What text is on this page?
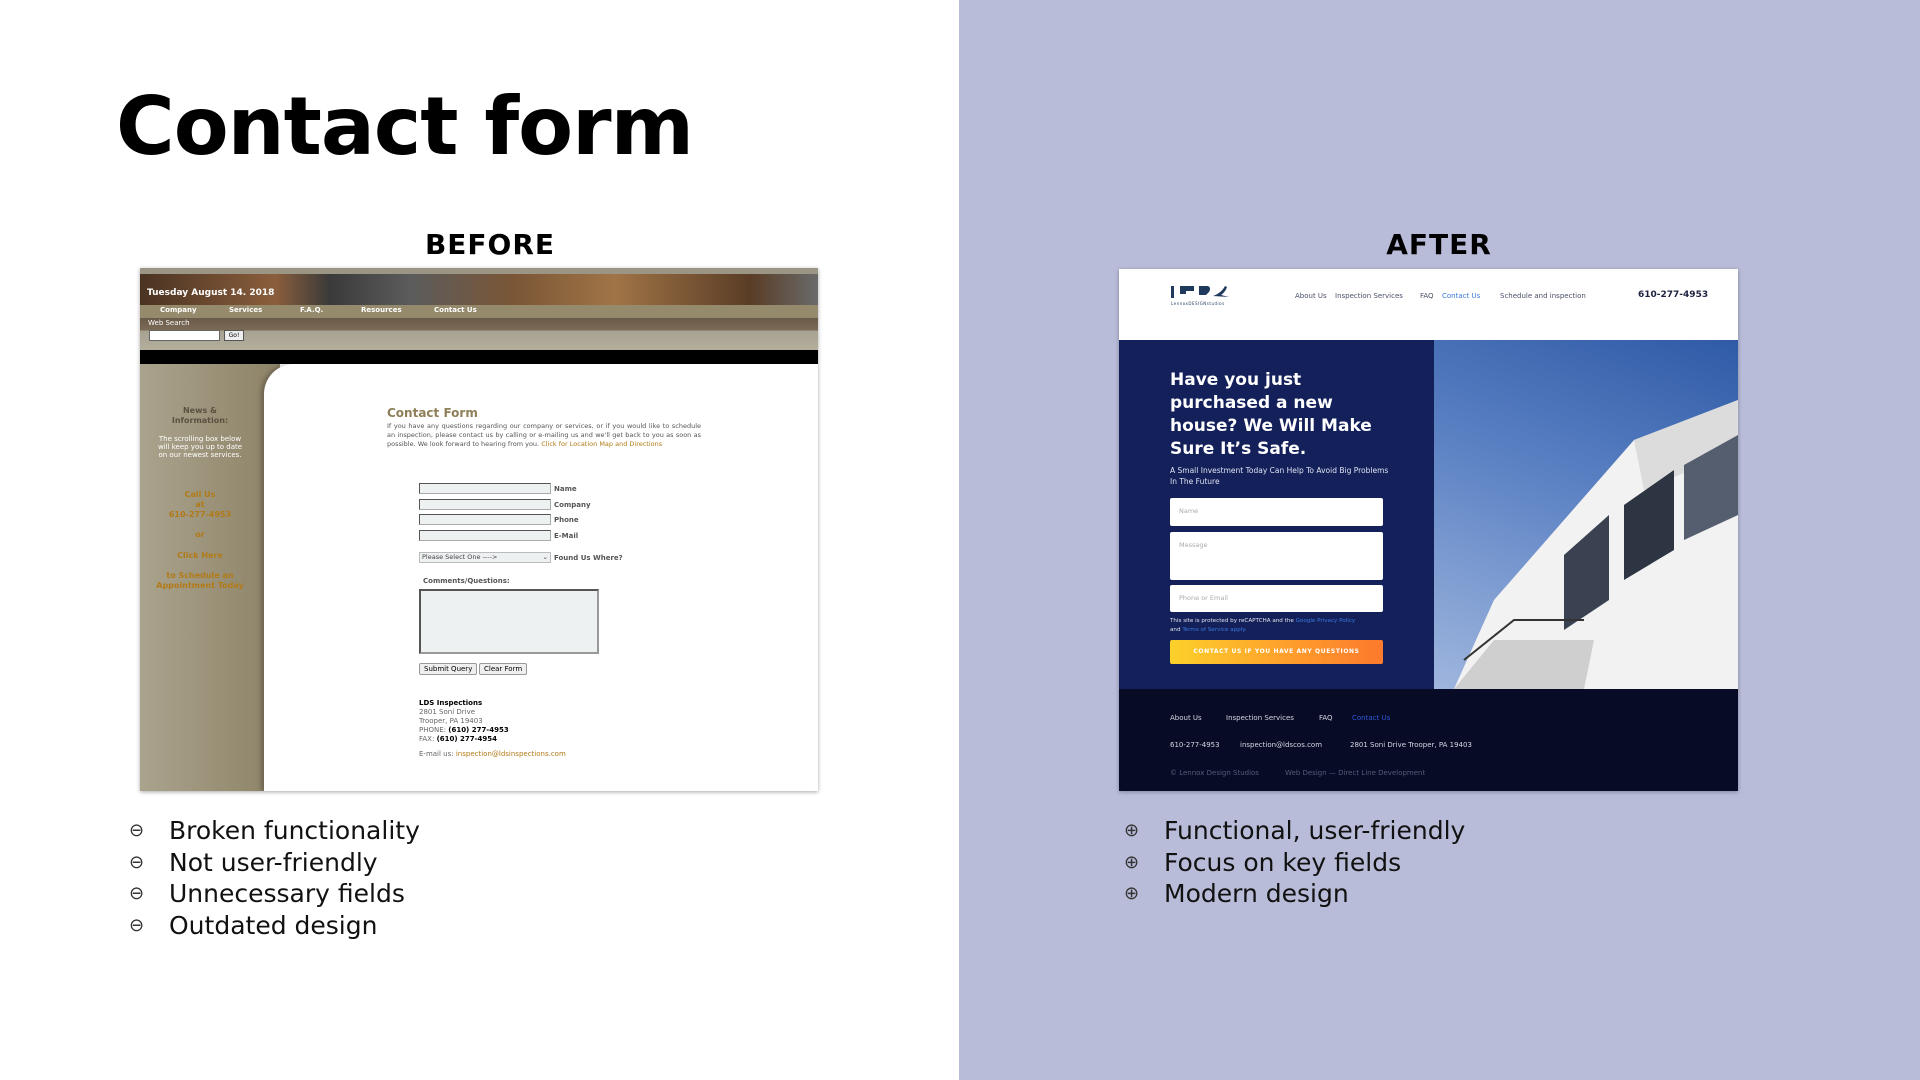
Contact form
BEFORE	AFTER
Tuesday August 14. 2018
Company	Services	F.A.Q.	Resources	Contact Us
Web Search
Go!
News &
Information:
The scrolling box below
will keep you up to date
on our newest services.
Call Us
at
610-277-4953
or
Click Here
to Schedule an
Appointment Today
Contact Form
If you have any questions regarding our company or services, or if you would like to schedule an inspection, please contact us by calling or e-mailing us and we'll get back to you as soon as possible. We look forward to hearing from you. Click for Location Map and Directions
Name
Company
Phone
E-Mail
Please Select One ---->	⌄ Found Us Where?
Comments/Questions:
Submit Query	Clear Form
LDS Inspections
2801 Soni Drive
Trooper, PA 19403
PHONE: (610) 277-4953
FAX: (610) 277-4954
E-mail us: inspection@ldsinspections.com
LennoxDESIGNstudios
About Us Inspection Services FAQ Contact Us	Schedule and inspection	610-277-4953
Have you just purchased a new house? We Will Make Sure It’s Safe.
A Small Investment Today Can Help To Avoid Big Problems In The Future
Name
Message
Phone or Email
This site is protected by reCAPTCHA and the Google Privacy Policy
and Terms of Service apply.
CONTACT US IF YOU HAVE ANY QUESTIONS
About Us	Inspection Services	FAQ	Contact Us
610-277-4953	inspection@ldscos.com	2801 Soni Drive Trooper, PA 19403
© Lennox Design Studios	Web Design — Direct Line Development
⊖ Broken functionality
⊖ Not user-friendly
⊖ Unnecessary fields
⊖ Outdated design
⊕ Functional, user-friendly
⊕ Focus on key fields
⊕ Modern design
